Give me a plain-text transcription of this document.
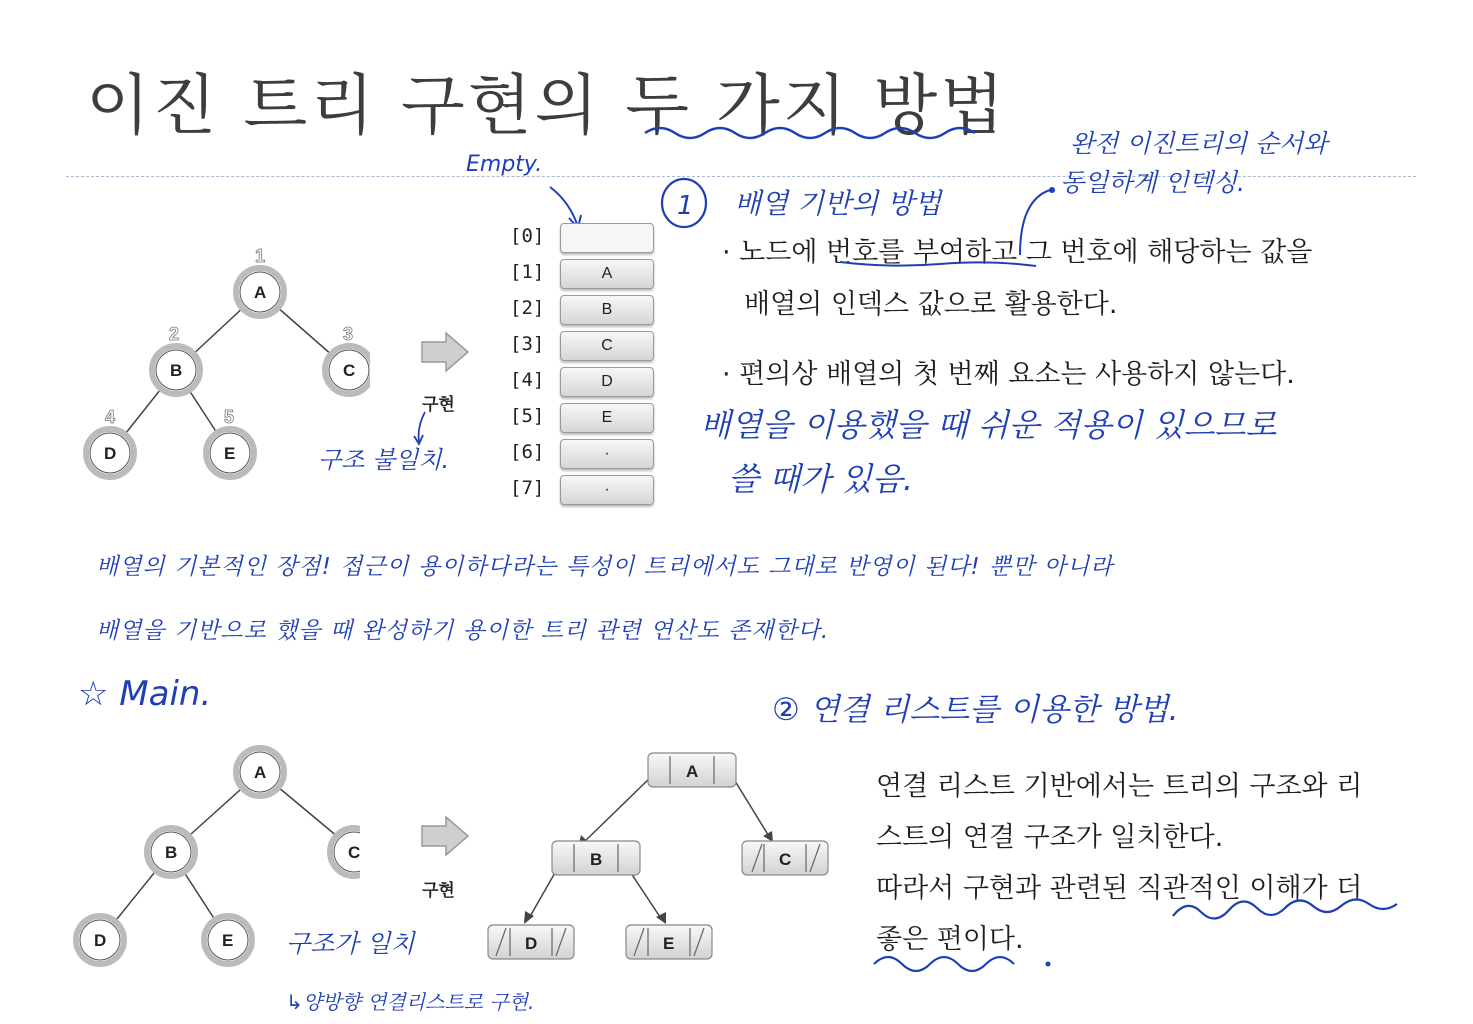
이진 트리 구현의 두 가지 방법
Empty.
완전 이진트리의 순서와
동일하게 인덱싱.
1 배열 기반의 방법
A
B	C
D	E
1
2	3
4	5
구현
구조 불일치.
[0]
[1]	A
[2]	B
[3]	C
[4]	D
[5]	E
[6]	·
[7]	·
· 노드에 번호를 부여하고 그 번호에 해당하는 값을
배열의 인덱스 값으로 활용한다.
· 편의상 배열의 첫 번째 요소는 사용하지 않는다.
배열을 이용했을 때 쉬운 적용이 있으므로
쓸 때가 있음.
배열의 기본적인 장점! 접근이 용이하다라는 특성이 트리에서도 그대로 반영이 된다! 뿐만 아니라
배열을 기반으로 했을 때 완성하기 용이한 트리 관련 연산도 존재한다.
☆ Main.	② 연결 리스트를 이용한 방법.
A
B	C
D	E
구현
구조가 일치
↳양방향 연결리스트로 구현.
A
B	C
D	E
연결 리스트 기반에서는 트리의 구조와 리
스트의 연결 구조가 일치한다.
따라서 구현과 관련된 직관적인 이해가 더
좋은 편이다.
